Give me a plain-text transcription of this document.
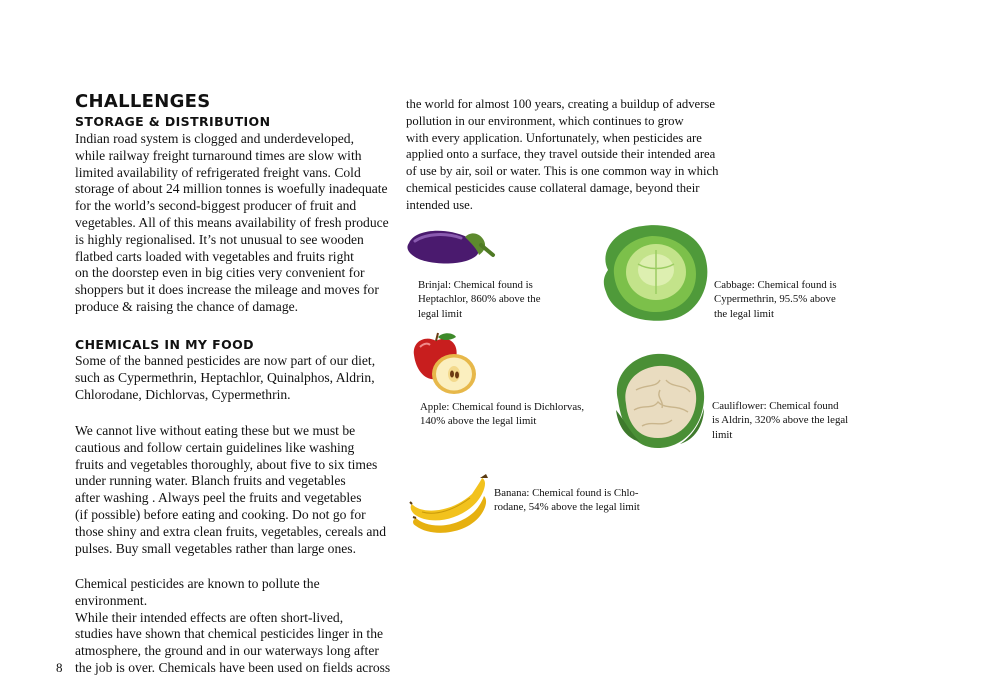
CHALLENGES
STORAGE & DISTRIBUTION

Indian road system is clogged and underdeveloped,
while railway freight turnaround times are slow with
limited availability of refrigerated freight vans. Cold
storage of about 24 million tonnes is woefully inadequate
for the world’s second-biggest producer of fruit and
vegetables. All of this means availability of fresh produce
is highly regionalised. It’s not unusual to see wooden
flatbed carts loaded with vegetables and fruits right
on the doorstep even in big cities very convenient for
shoppers but it does increase the mileage and moves for
produce & raising the chance of damage.

CHEMICALS IN MY FOOD

Some of the banned pesticides are now part of our diet,
such as Cypermethrin, Heptachlor, Quinalphos, Aldrin,
Chlorodane, Dichlorvas, Cypermethrin.

We cannot live without eating these but we must be
cautious and follow certain guidelines like washing
fruits and vegetables thoroughly, about five to six times
under running water. Blanch fruits and vegetables
after washing . Always peel the fruits and vegetables
(if possible) before eating and cooking. Do not go for
those shiny and extra clean fruits, vegetables, cereals and
pulses. Buy small vegetables rather than large ones.

Chemical pesticides are known to pollute the environment.
While their intended effects are often short-lived,
studies have shown that chemical pesticides linger in the
atmosphere, the ground and in our waterways long after
the job is over. Chemicals have been used on fields across

the world for almost 100 years, creating a buildup of adverse
pollution in our environment, which continues to grow
with every application. Unfortunately, when pesticides are
applied onto a surface, they travel outside their intended area
of use by air, soil or water. This is one common way in which
chemical pesticides cause collateral damage, beyond their
intended use.

Brinjal: Chemical found is
Heptachlor, 860% above the
legal limit

Cabbage: Chemical found is
Cypermethrin, 95.5% above
the legal limit

Apple: Chemical found is Dichlorvas,
140% above the legal limit

Cauliflower: Chemical found
is Aldrin, 320% above the legal
limit

Banana: Chemical found is Chlo-
rodane, 54% above the legal limit

8
